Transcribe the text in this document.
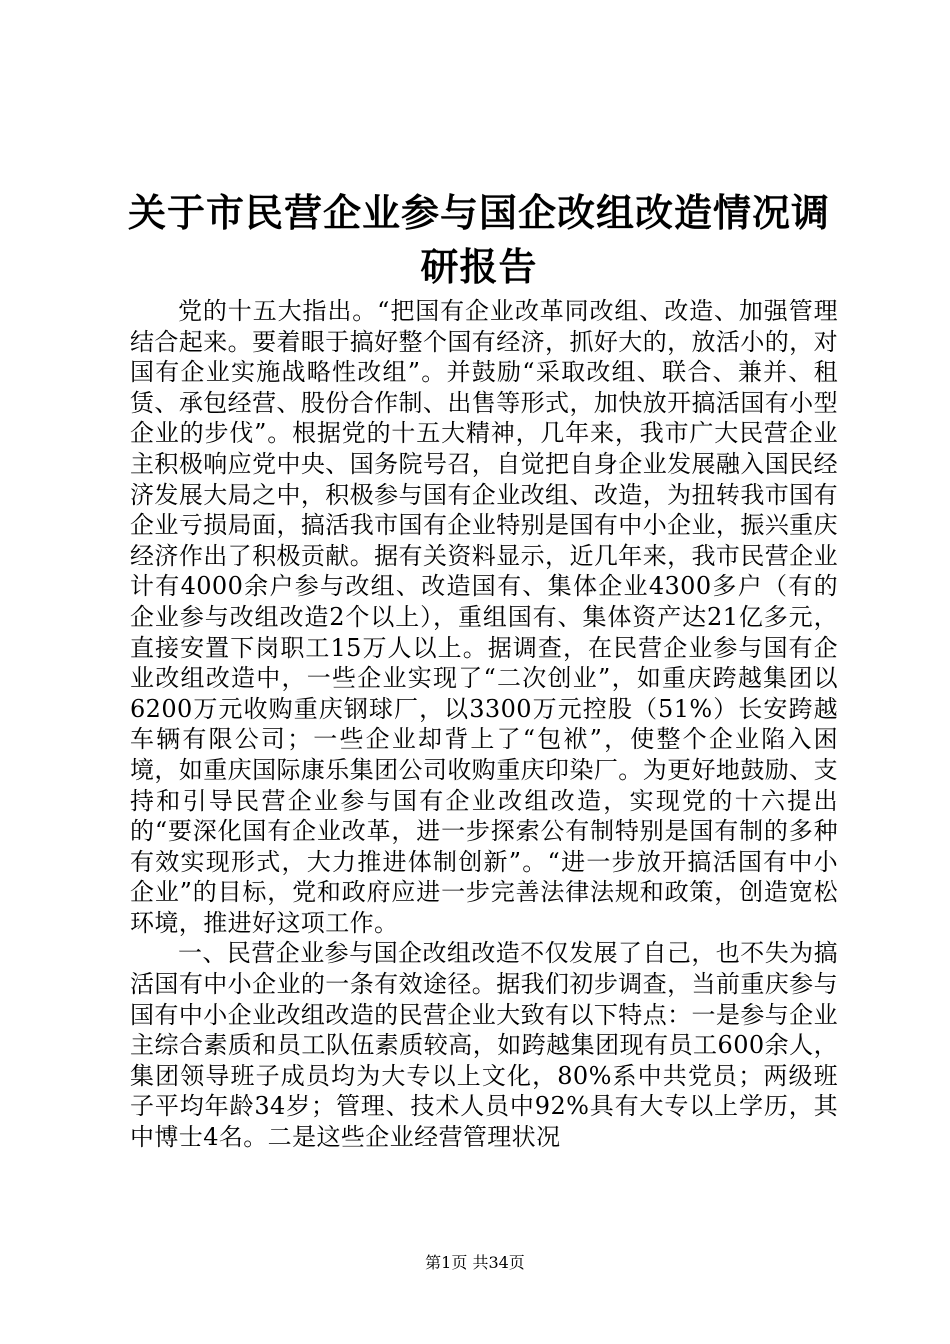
关于市民营企业参与国企改组改造情况调研报告

党的十五大指出。“把国有企业改革同改组、改造、加强管理结合起来。要着眼于搞好整个国有经济，抓好大的，放活小的，对国有企业实施战略性改组”。并鼓励“采取改组、联合、兼并、租赁、承包经营、股份合作制、出售等形式，加快放开搞活国有小型企业的步伐”。根据党的十五大精神，几年来，我市广大民营企业主积极响应党中央、国务院号召，自觉把自身企业发展融入国民经济发展大局之中，积极参与国有企业改组、改造，为扭转我市国有企业亏损局面，搞活我市国有企业特别是国有中小企业，振兴重庆经济作出了积极贡献。据有关资料显示，近几年来，我市民营企业计有4000余户参与改组、改造国有、集体企业4300多户（有的企业参与改组改造2个以上），重组国有、集体资产达21亿多元，直接安置下岗职工15万人以上。据调查，在民营企业参与国有企业改组改造中，一些企业实现了“二次创业”，如重庆跨越集团以6200万元收购重庆钢球厂，以3300万元控股（51%）长安跨越车辆有限公司；一些企业却背上了“包袱”，使整个企业陷入困境，如重庆国际康乐集团公司收购重庆印染厂。为更好地鼓励、支持和引导民营企业参与国有企业改组改造，实现党的十六提出的“要深化国有企业改革，进一步探索公有制特别是国有制的多种有效实现形式，大力推进体制创新”。“进一步放开搞活国有中小企业”的目标，党和政府应进一步完善法律法规和政策，创造宽松环境，推进好这项工作。

一、民营企业参与国企改组改造不仅发展了自己，也不失为搞活国有中小企业的一条有效途径。据我们初步调查，当前重庆参与国有中小企业改组改造的民营企业大致有以下特点：一是参与企业主综合素质和员工队伍素质较高，如跨越集团现有员工600余人，集团领导班子成员均为大专以上文化，80%系中共党员；两级班子平均年龄34岁；管理、技术人员中92%具有大专以上学历，其中博士4名。二是这些企业经营管理状况

第1页 共34页
